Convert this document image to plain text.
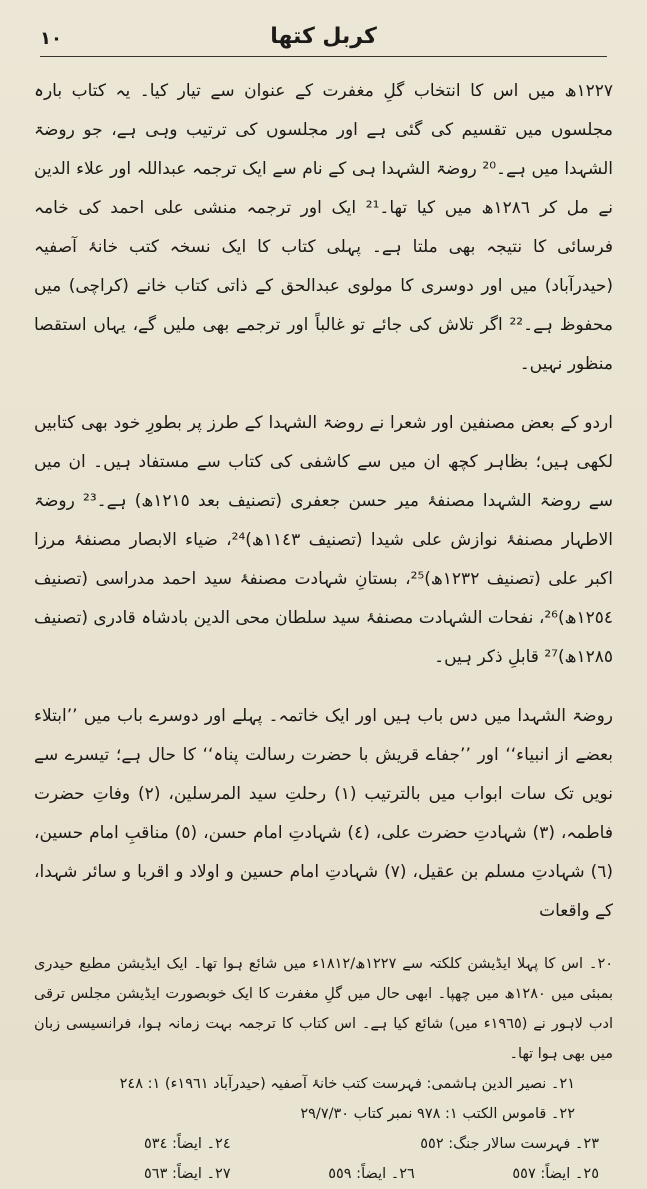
١٠	کربل کتھا

١٢٢٧ھ میں اس کا انتخاب گلِ مغفرت کے عنوان سے تیار کیا۔ یہ کتاب بارہ مجلسوں میں تقسیم کی گئی ہے اور مجلسوں کی ترتیب وہی ہے، جو روضۃ الشہدا میں ہے۔²⁰ روضۃ الشہدا ہی کے نام سے ایک ترجمہ عبداللہ اور علاء الدین نے مل کر ١٢٨٦ھ میں کیا تھا۔²¹ ایک اور ترجمہ منشی علی احمد کی خامہ فرسائی کا نتیجہ بھی ملتا ہے۔ پہلی کتاب کا ایک نسخہ کتب خانۂ آصفیہ (حیدرآباد) میں اور دوسری کا مولوی عبدالحق کے ذاتی کتاب خانے (کراچی) میں محفوظ ہے۔²² اگر تلاش کی جائے تو غالباً اور ترجمے بھی ملیں گے، یہاں استقصا منظور نہیں۔

اردو کے بعض مصنفین اور شعرا نے روضۃ الشہدا کے طرز پر بطورِ خود بھی کتابیں لکھی ہیں؛ بظاہر کچھ ان میں سے کاشفی کی کتاب سے مستفاد ہیں۔ ان میں سے روضۃ الشہدا مصنفۂ میر حسن جعفری (تصنیف بعد ١٢١٥ھ) ہے۔²³ روضۃ الاطہار مصنفۂ نوازش علی شیدا (تصنیف ١١٤٣ھ)²⁴، ضیاء الابصار مصنفۂ مرزا اکبر علی (تصنیف ١٢٣٢ھ)²⁵، بستانِ شہادت مصنفۂ سید احمد مدراسی (تصنیف ١٢٥٤ھ)²⁶، نفحات الشہادت مصنفۂ سید سلطان محی الدین بادشاہ قادری (تصنیف ١٢٨٥ھ)²⁷ قابلِ ذکر ہیں۔

روضۃ الشہدا میں دس باب ہیں اور ایک خاتمہ۔ پہلے اور دوسرے باب میں ’’ابتلاء بعضے از انبیاء‘‘ اور ’’جفاے قریش با حضرت رسالت پناہ‘‘ کا حال ہے؛ تیسرے سے نویں تک سات ابواب میں بالترتیب (١) رحلتِ سید المرسلین، (٢) وفاتِ حضرت فاطمہ، (٣) شہادتِ حضرت علی، (٤) شہادتِ امام حسن، (٥) مناقبِ امام حسین، (٦) شہادتِ مسلم بن عقیل، (٧) شہادتِ امام حسین و اولاد و اقربا و سائر شہدا، کے واقعات

٢٠۔ اس کا پہلا ایڈیشن کلکتہ سے ١٢٢٧ھ/١٨١٢ء میں شائع ہوا تھا۔ ایک ایڈیشن مطبع حیدری بمبئی میں ١٢٨٠ھ میں چھپا۔ ابھی حال میں گلِ مغفرت کا ایک خوبصورت ایڈیشن مجلس ترقی ادب لاہور نے (١٩٦٥ء میں) شائع کیا ہے۔ اس کتاب کا ترجمہ بہت زمانہ ہوا، فرانسیسی زبان میں بھی ہوا تھا۔

٢١۔ نصیر الدین ہاشمی: فہرست کتب خانۂ آصفیہ (حیدرآباد ١٩٦١ء) ١: ٢٤٨

٢٢۔ قاموس الکتب ١: ٩٧٨ نمبر کتاب ٢٩/٧/٣٠

٢٣۔ فہرست سالار جنگ: ٥٥٢
٢٤۔ ایضاً: ٥٣٤
٢٥۔ ایضاً: ٥٥٧
٢٦۔ ایضاً: ٥٥٩
٢٧۔ ایضاً: ٥٦٣
